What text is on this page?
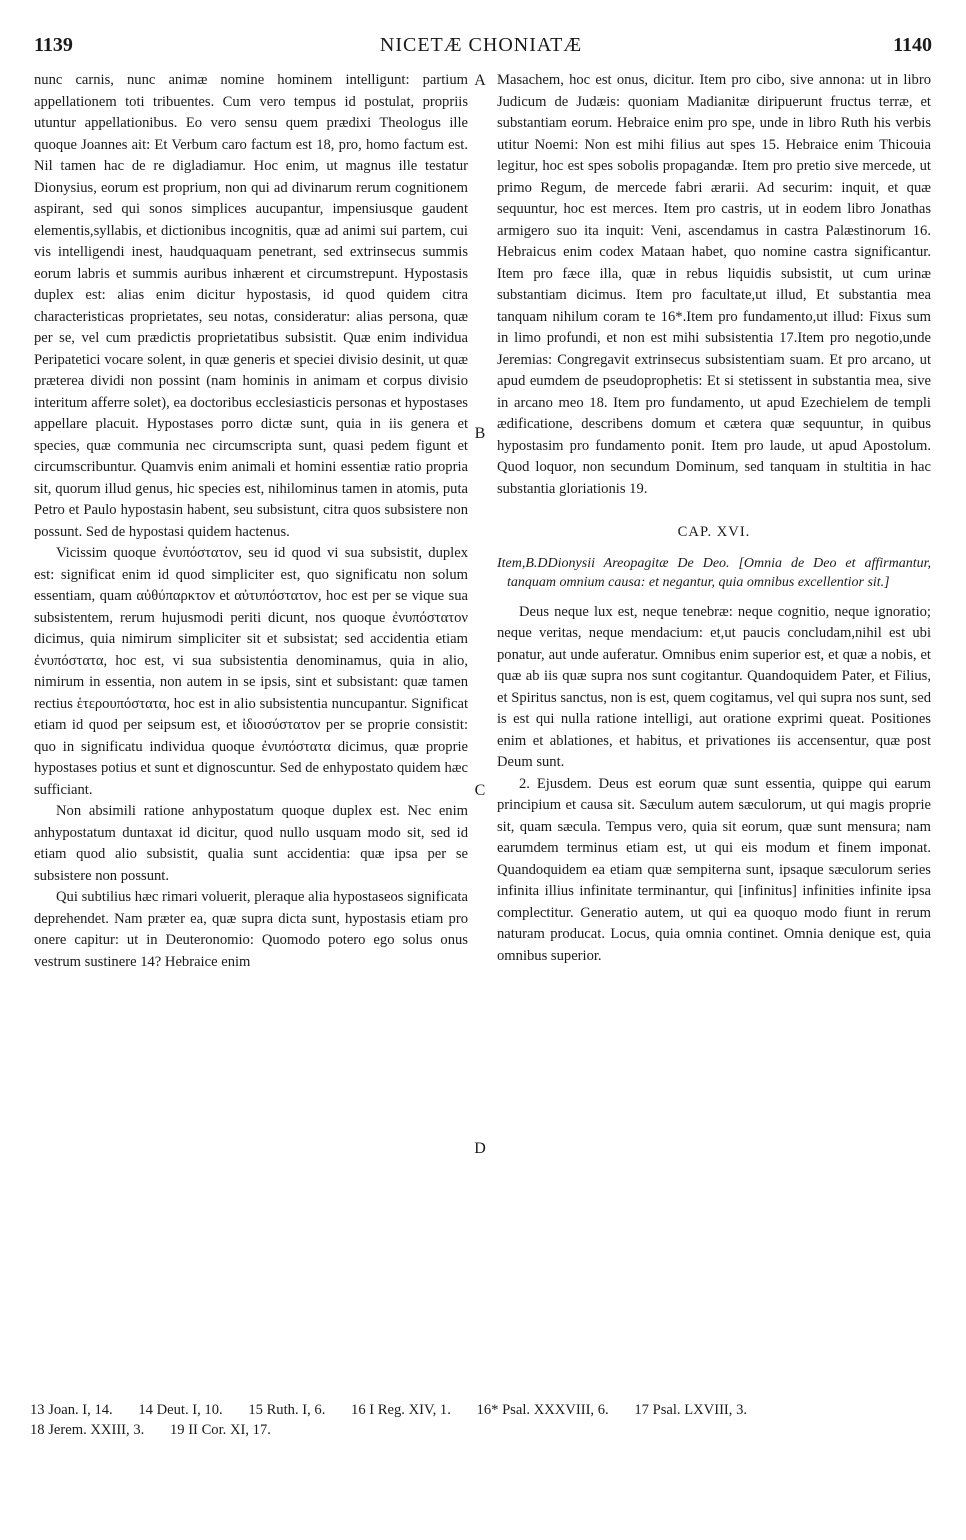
1139	NICETÆ CHONIATÆ	1140
A
B
C
D

nunc carnis, nunc animæ nomine hominem intelligunt: partium appellationem toti tribuentes. Cum vero tempus id postulat, propriis utuntur appellationibus. Eo vero sensu quem prædixi Theologus ille quoque Joannes ait: Et Verbum caro factum est 18, pro, homo factum est. Nil tamen hac de re digladiamur. Hoc enim, ut magnus ille testatur Dionysius, eorum est proprium, non qui ad divinarum rerum cognitionem aspirant, sed qui sonos simplices aucupantur, impensiusque gaudent elementis,syllabis, et dictionibus incognitis, quæ ad animi sui partem, cui vis intelligendi inest, haudquaquam penetrant, sed extrinsecus summis eorum labris et summis auribus inhærent et circumstrepunt. Hypostasis duplex est: alias enim dicitur hypostasis, id quod quidem citra characteristicas proprietates, seu notas, consideratur: alias persona, quæ per se, vel cum prædictis proprietatibus subsistit. Quæ enim individua Peripatetici vocare solent, in quæ generis et speciei divisio desinit, ut quæ præterea dividi non possint (nam hominis in animam et corpus divisio interitum afferre solet), ea doctoribus ecclesiasticis personas et hypostases appellare placuit. Hypostases porro dictæ sunt, quia in iis genera et species, quæ communia nec circumscripta sunt, quasi pedem figunt et circumscribuntur. Quamvis enim animali et homini essentiæ ratio propria sit, quorum illud genus, hic species est, nihilominus tamen in atomis, puta Petro et Paulo hypostasin habent, seu subsistunt, citra quos subsistere non possunt. Sed de hypostasi quidem hactenus.

Vicissim quoque ἐνυπόστατον, seu id quod vi sua subsistit, duplex est: significat enim id quod simpliciter est, quo significatu non solum essentiam, quam αὐθύπαρκτον et αὐτυπόστατον, hoc est per se vique sua subsistentem, rerum hujusmodi periti dicunt, nos quoque ἐνυπόστατον dicimus, quia nimirum simpliciter sit et subsistat; sed accidentia etiam ἐνυπόστατα, hoc est, vi sua subsistentia denominamus, quia in alio, nimirum in essentia, non autem in se ipsis, sint et subsistant: quæ tamen rectius ἑτερουπόστατα, hoc est in alio subsistentia nuncupantur. Significat etiam id quod per seipsum est, et ἰδιοσύστατον per se proprie consistit: quo in significatu individua quoque ἐνυπόστατα dicimus, quæ proprie hypostases potius et sunt et dignoscuntur. Sed de enhypostato quidem hæc sufficiant.

Non absimili ratione anhypostatum quoque duplex est. Nec enim anhypostatum duntaxat id dicitur, quod nullo usquam modo sit, sed id etiam quod alio subsistit, qualia sunt accidentia: quæ ipsa per se subsistere non possunt.

Qui subtilius hæc rimari voluerit, pleraque alia hypostaseos significata deprehendet. Nam præter ea, quæ supra dicta sunt, hypostasis etiam pro onere capitur: ut in Deuteronomio: Quomodo potero ego solus onus vestrum sustinere 14? Hebraice enim

Masachem, hoc est onus, dicitur. Item pro cibo, sive annona: ut in libro Judicum de Judæis: quoniam Madianitæ diripuerunt fructus terræ, et substantiam eorum. Hebraice enim pro spe, unde in libro Ruth his verbis utitur Noemi: Non est mihi filius aut spes 15. Hebraice enim Thicouia legitur, hoc est spes sobolis propagandæ. Item pro pretio sive mercede, ut primo Regum, de mercede fabri ærarii. Ad securim: inquit, et quæ sequuntur, hoc est merces. Item pro castris, ut in eodem libro Jonathas armigero suo ita inquit: Veni, ascendamus in castra Palæstinorum 16. Hebraicus enim codex Mataan habet, quo nomine castra significantur. Item pro fæce illa, quæ in rebus liquidis subsistit, ut cum urinæ substantiam dicimus. Item pro facultate,ut illud, Et substantia mea tanquam nihilum coram te 16*.Item pro fundamento,ut illud: Fixus sum in limo profundi, et non est mihi subsistentia 17.Item pro negotio,unde Jeremias: Congregavit extrinsecus subsistentiam suam. Et pro arcano, ut apud eumdem de pseudoprophetis: Et si stetissent in substantia mea, sive in arcano meo 18. Item pro fundamento, ut apud Ezechielem de templi ædificatione, describens domum et cætera quæ sequuntur, in quibus hypostasim pro fundamento ponit. Item pro laude, ut apud Apostolum. Quod loquor, non secundum Dominum, sed tanquam in stultitia in hac substantia gloriationis 19.

CAP. XVI.

Item,B.DDionysii Areopagitæ De Deo. [Omnia de Deo et affirmantur, tanquam omnium causa: et negantur, quia omnibus excellentior sit.]

Deus neque lux est, neque tenebræ: neque cognitio, neque ignoratio; neque veritas, neque mendacium: et,ut paucis concludam,nihil est ubi ponatur, aut unde auferatur. Omnibus enim superior est, et quæ a nobis, et quæ ab iis quæ supra nos sunt cogitantur. Quandoquidem Pater, et Filius, et Spiritus sanctus, non is est, quem cogitamus, vel qui supra nos sunt, sed is est qui nulla ratione intelligi, aut oratione exprimi queat. Positiones enim et ablationes, et habitus, et privationes iis accensentur, quæ post Deum sunt.

2. Ejusdem. Deus est eorum quæ sunt essentia, quippe qui earum principium et causa sit. Sæculum autem sæculorum, ut qui magis proprie sit, quam sæcula. Tempus vero, quia sit eorum, quæ sunt mensura; nam earumdem terminus etiam est, ut qui eis modum et finem imponat. Quandoquidem ea etiam quæ sempiterna sunt, ipsaque sæculorum series infinita illius infinitate terminantur, qui [infinitus] infinities infinite ipsa complectitur. Generatio autem, ut qui ea quoquo modo fiunt in rerum naturam producat. Locus, quia omnia continet. Omnia denique est, quia omnibus superior.

13 Joan. I, 14. 14 Deut. I, 10. 15 Ruth. I, 6. 16 I Reg. XIV, 1. 16* Psal. XXXVIII, 6. 17 Psal. LXVIII, 3.
18 Jerem. XXIII, 3. 19 II Cor. XI, 17.
